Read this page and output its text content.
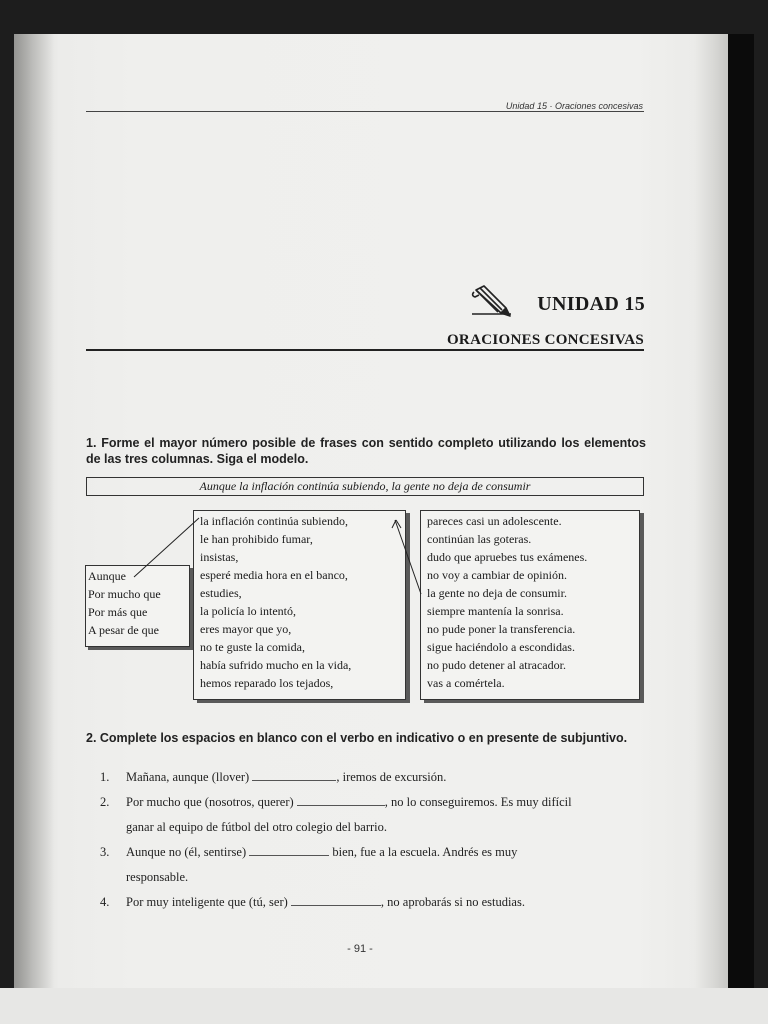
Unidad 15 · Oraciones concesivas
UNIDAD 15
ORACIONES CONCESIVAS
1. Forme el mayor número posible de frases con sentido completo utilizando los elementos de las tres columnas. Siga el modelo.
Aunque la inflación continúa subiendo, la gente no deja de consumir
Aunque
Por mucho que
Por más que
A pesar de que
la inflación continúa subiendo,
le han prohibido fumar,
insistas,
esperé media hora en el banco,
estudies,
la policía lo intentó,
eres mayor que yo,
no te guste la comida,
había sufrido mucho en la vida,
hemos reparado los tejados,
pareces casi un adolescente.
continúan las goteras.
dudo que apruebes tus exámenes.
no voy a cambiar de opinión.
la gente no deja de consumir.
siempre mantenía la sonrisa.
no pude poner la transferencia.
sigue haciéndolo a escondidas.
no pudo detener al atracador.
vas a comértela.
2. Complete los espacios en blanco con el verbo en indicativo o en presente de subjuntivo.
1. Mañana, aunque (llover)	, iremos de excursión.
2. Por mucho que (nosotros, querer)	, no lo conseguiremos. Es muy difícil
ganar al equipo de fútbol del otro colegio del barrio.
3. Aunque no (él, sentirse)	bien, fue a la escuela. Andrés es muy
responsable.
4. Por muy inteligente que (tú, ser)	, no aprobarás si no estudias.
- 91 -
